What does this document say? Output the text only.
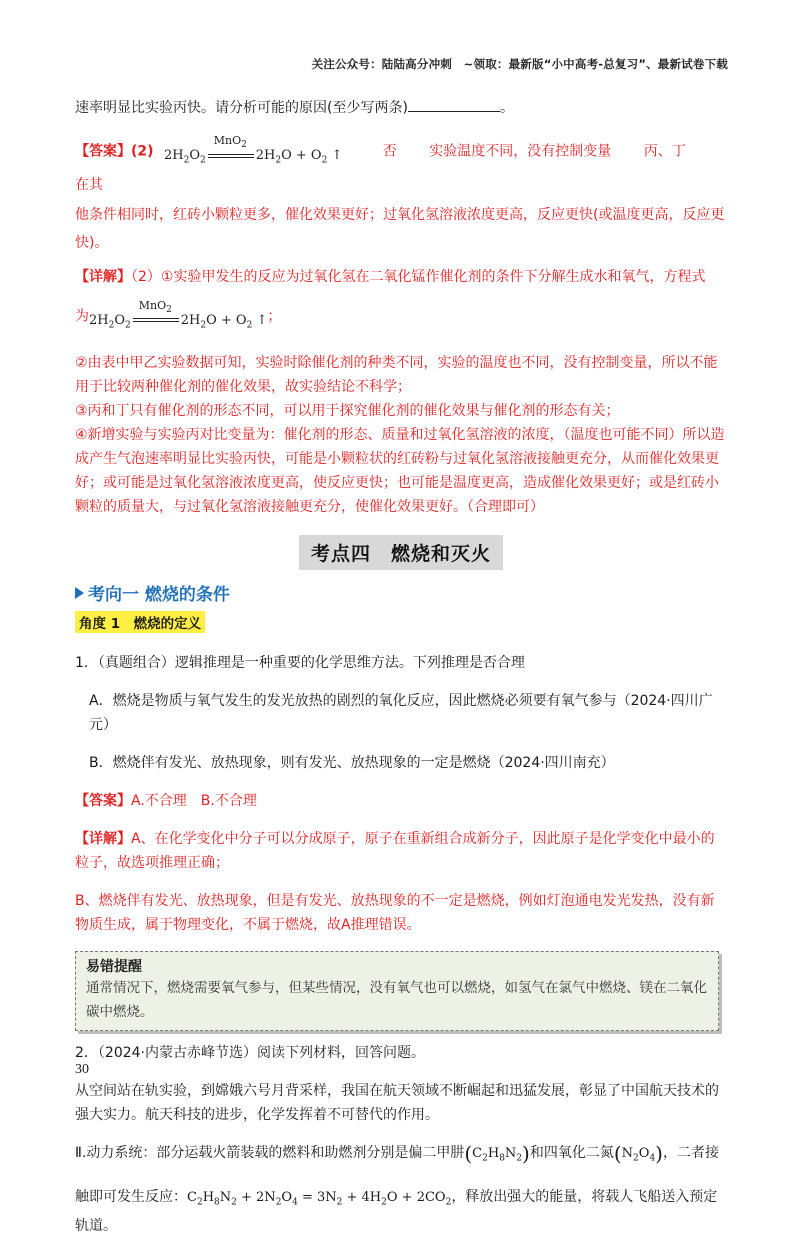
关注公众号：陆陆高分冲刺　~领取：最新版“小中高考-总复习”、最新试卷下载

速率明显比实验丙快。请分析可能的原因(至少写两条)	。

【答案】(2) $2H_2O_2$
MnO$_2$
$2H_2O + O_2$ ↑	否 实验温度不同，没有控制变量 丙、丁 在其

他条件相同时，红砖小颗粒更多，催化效果更好；过氧化氢溶液浓度更高，反应更快(或温度更高，反应更

快)。

【详解】（2）①实验甲发生的反应为过氧化氢在二氧化锰作催化剂的条件下分解生成水和氧气，方程式

为$2H_2O_2$
MnO$_2$
$2H_2O + O_2$ ↑；

②由表中甲乙实验数据可知，实验时除催化剂的种类不同，实验的温度也不同，没有控制变量，所以不能用于比较两种催化剂的催化效果，故实验结论不科学；

③丙和丁只有催化剂的形态不同，可以用于探究催化剂的催化效果与催化剂的形态有关；

④新增实验与实验丙对比变量为：催化剂的形态、质量和过氧化氢溶液的浓度，（温度也可能不同）所以造成产生气泡速率明显比实验丙快，可能是小颗粒状的红砖粉与过氧化氢溶液接触更充分，从而催化效果更好；或可能是过氧化氢溶液浓度更高，使反应更快；也可能是温度更高，造成催化效果更好；或是红砖小颗粒的质量大，与过氧化氢溶液接触更充分，使催化效果更好。（合理即可）

考点四　燃烧和灭火
考向一 燃烧的条件
角度 1　 燃烧的定义

1．（真题组合）逻辑推理是一种重要的化学思维方法。下列推理是否合理

A．燃烧是物质与氧气发生的发光放热的剧烈的氧化反应，因此燃烧必须要有氧气参与（2024·四川广元）

B．燃烧伴有发光、放热现象，则有发光、放热现象的一定是燃烧（2024·四川南充）

【答案】A.不合理　B.不合理

【详解】A、在化学变化中分子可以分成原子，原子在重新组合成新分子，因此原子是化学变化中最小的粒子，故选项推理正确；

B、燃烧伴有发光、放热现象，但是有发光、放热现象的不一定是燃烧，例如灯泡通电发光发热，没有新物质生成，属于物理变化，不属于燃烧，故A推理错误。

易错提醒
通常情况下，燃烧需要氧气参与，但某些情况，没有氧气也可以燃烧，如氢气在氯气中燃烧、镁在二氧化碳中燃烧。

2．（2024·内蒙古赤峰节选）阅读下列材料，回答问题。

从空间站在轨实验，到嫦娥六号月背采样，我国在航天领域不断崛起和迅猛发展，彰显了中国航天技术的强大实力。航天科技的进步，化学发挥着不可替代的作用。

Ⅱ.动力系统：部分运载火箭装载的燃料和助燃剂分别是偏二甲肼$(C_2H_8N_2)$和四氧化二氮$(N_2O_4)$，二者接

触即可发生反应：$C_2H_8N_2 + 2N_2O_4 = 3N_2 + 4H_2O + 2CO_2$，释放出强大的能量，将载人飞船送入预定轨道。

30
